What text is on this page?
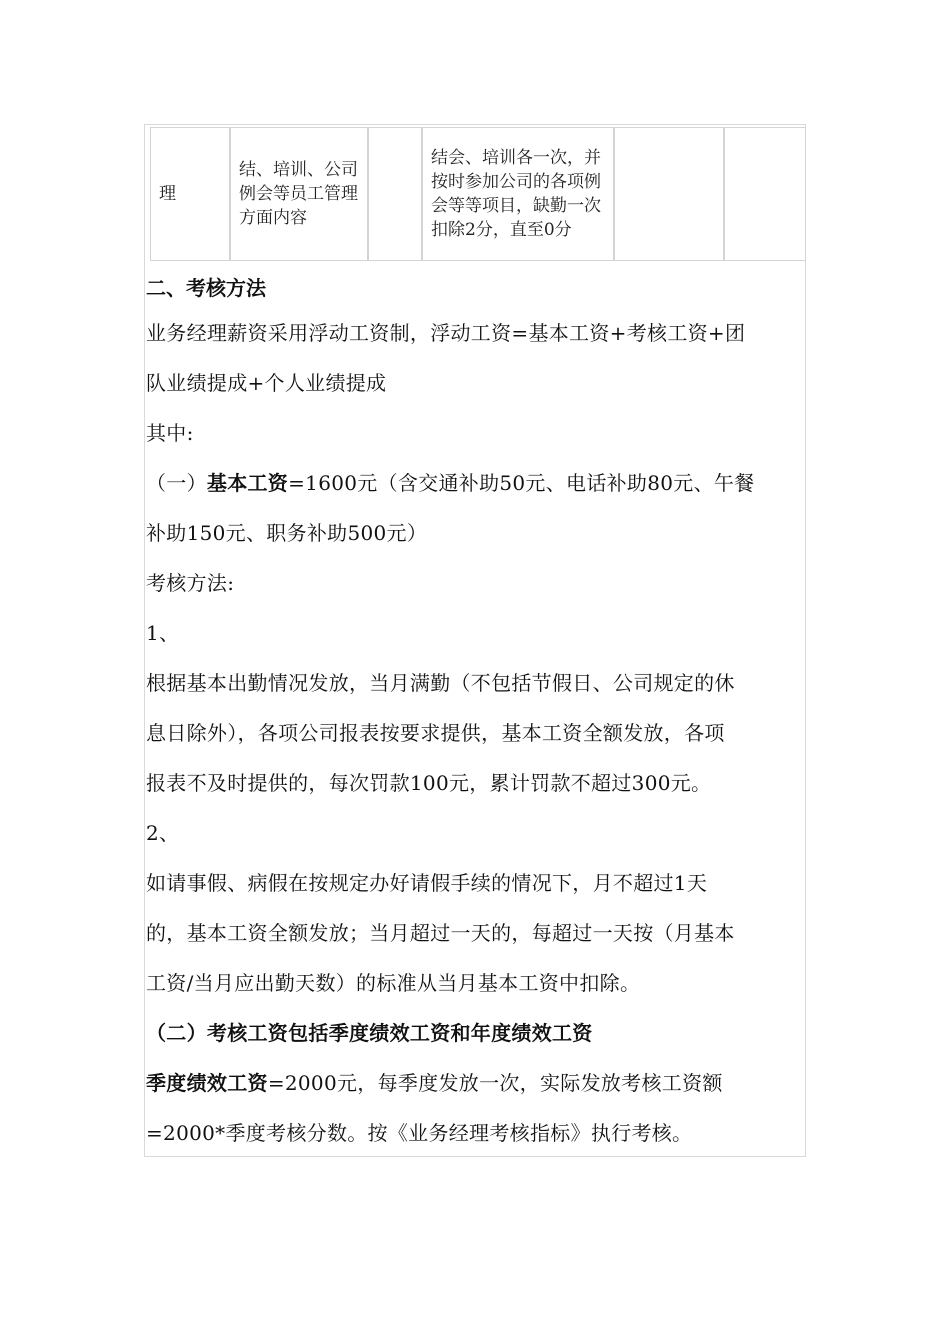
理	结、培训、公司例会等员工管理方面内容		结会、培训各一次，并按时参加公司的各项例会等等项目，缺勤一次扣除2分，直至0分		

二、考核方法

业务经理薪资采用浮动工资制，浮动工资=基本工资+考核工资+团

队业绩提成+个人业绩提成

其中:

（一）基本工资=1600元（含交通补助50元、电话补助80元、午餐

补助150元、职务补助500元）

考核方法:

1、

根据基本出勤情况发放，当月满勤（不包括节假日、公司规定的休

息日除外），各项公司报表按要求提供，基本工资全额发放，各项

报表不及时提供的，每次罚款100元，累计罚款不超过300元。

2、

如请事假、病假在按规定办好请假手续的情况下，月不超过1天

的，基本工资全额发放；当月超过一天的，每超过一天按（月基本

工资/当月应出勤天数）的标准从当月基本工资中扣除。

（二）考核工资包括季度绩效工资和年度绩效工资

季度绩效工资=2000元，每季度发放一次，实际发放考核工资额

=2000*季度考核分数。按《业务经理考核指标》执行考核。
